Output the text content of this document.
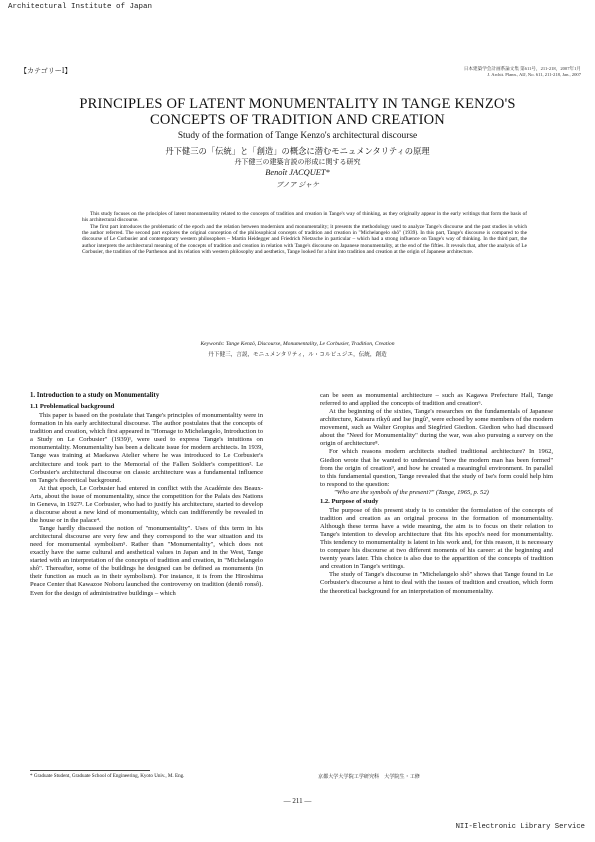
Architectural Institute of Japan
【カテゴリーⅠ】	日本建築学会計画系論文集 第611号，211-218，2007年1月
J. Archit. Plann., AIJ, No. 611, 211-218, Jan., 2007
PRINCIPLES OF LATENT MONUMENTALITY IN TANGE KENZO'S
CONCEPTS OF TRADITION AND CREATION
Study of the formation of Tange Kenzo's architectural discourse
丹下健三の「伝統」と「創造」の概念に潜むモニュメンタリティの原理
丹下健三の建築言説の形成に関する研究
Benoît JACQUET*
ブノア ジャケ

This study focuses on the principles of latent monumentality related to the concepts of tradition and creation in Tange's way of thinking, as they originally appear in the early writings that form the basis of his architectural discourse.

The first part introduces the problematic of the epoch and the relation between modernism and monumentality; it presents the methodology used to analyze Tange's discourse and the past studies in which the author referred. The second part explores the original conception of the philosophical concepts of tradition and creation in "Michelangelo shô" (1939). In this part, Tange's discourse is compared to the discourse of Le Corbusier and contemporary western philosophers – Martin Heidegger and Friedrich Nietzsche in particular – which had a strong influence on Tange's way of thinking. In the third part, the author interprets the architectural meaning of the concepts of tradition and creation in relation with Tange's discourse on Japanese monumentality, at the end of the fifties. It reveals that, after the analysis of Le Corbusier, the tradition of the Parthenon and its relation with western philosophy and aesthetics, Tange looked for a hint into tradition and creation at the origin of Japanese architecture.

Keywords: Tange Kenzô, Discourse, Monumentality, Le Corbusier, Tradition, Creation
丹下健三，言説，モニュメンタリティ，ル・コルビュジエ，伝統，創造

1. Introduction to a study on Monumentality

1.1 Problematical background

This paper is based on the postulate that Tange's principles of monumentality were in formation in his early architectural discourse. The author postulates that the concepts of tradition and creation, which first appeared in "Homage to Michelangelo, Introduction to a Study on Le Corbusier" (1939)¹, were used to express Tange's intuitions on monumentality. Monumentality has been a delicate issue for modern architects. In 1939, Tange was training at Maekawa Atelier where he was introduced to Le Corbusier's architecture and took part to the Memorial of the Fallen Soldier's competition². Le Corbusier's architectural discourse on classic architecture was a fundamental influence on Tange's theoretical background.

At that epoch, Le Corbusier had entered in conflict with the Académie des Beaux-Arts, about the issue of monumentality, since the competition for the Palais des Nations in Geneva, in 1927³. Le Corbusier, who had to justify his architecture, started to develop a discourse about a new kind of monumentality, which can indifferently be revealed in the house or in the palace⁴.

Tange hardly discussed the notion of "monumentality". Uses of this term in his architectural discourse are very few and they correspond to the war situation and its need for monumental symbolism⁵. Rather than "Monumentality", which does not exactly have the same cultural and aesthetical values in Japan and in the West, Tange started with an interpretation of the concepts of tradition and creation, in "Michelangelo shô". Thereafter, some of the buildings he designed can be defined as monuments (in their function as much as in their symbolism). For instance, it is from the Hiroshima Peace Center that Kawazoe Noboru launched the controversy on tradition (dentô ronsô). Even for the design of administrative buildings – which

can be seen as monumental architecture – such as Kagawa Prefecture Hall, Tange referred to and applied the concepts of tradition and creation⁶.

At the beginning of the sixties, Tange's researches on the fundamentals of Japanese architecture, Katsura rikyû and Ise jingû⁷, were echoed by some members of the modern movement, such as Walter Gropius and Siegfried Giedion. Giedion who had discussed about the "Need for Monumentality" during the war, was also pursuing a survey on the origin of architecture⁸.

For which reasons modern architects studied traditional architecture? In 1962, Giedion wrote that he wanted to understand "how the modern man has been formed" from the origin of creation⁹, and how he created a meaningful environment. In parallel to this fundamental question, Tange revealed that the study of Ise's form could help him to respond to the question:

"Who are the symbols of the present?" (Tange, 1965, p. 52)

1.2. Purpose of study

The purpose of this present study is to consider the formulation of the concepts of tradition and creation as an original process in the formation of monumentality. Although these terms have a wide meaning, the aim is to focus on their relation to Tange's intention to develop architecture that fits his epoch's need for monumentality. This tendency to monumentality is latent in his work and, for this reason, it is necessary to compare his discourse at two different moments of his career: at the beginning and twenty years later. This choice is also due to the apparition of the concepts of tradition and creation in Tange's writings.

The study of Tange's discourse in "Michelangelo shô" shows that Tange found in Le Corbusier's discourse a hint to deal with the issues of tradition and creation, which form the theoretical background for an interpretation of monumentality.

* Graduate Student, Graduate School of Engineering, Kyoto Univ., M. Eng.	京都大学大学院工学研究科　大学院生・工修
— 211 —
NII-Electronic Library Service
